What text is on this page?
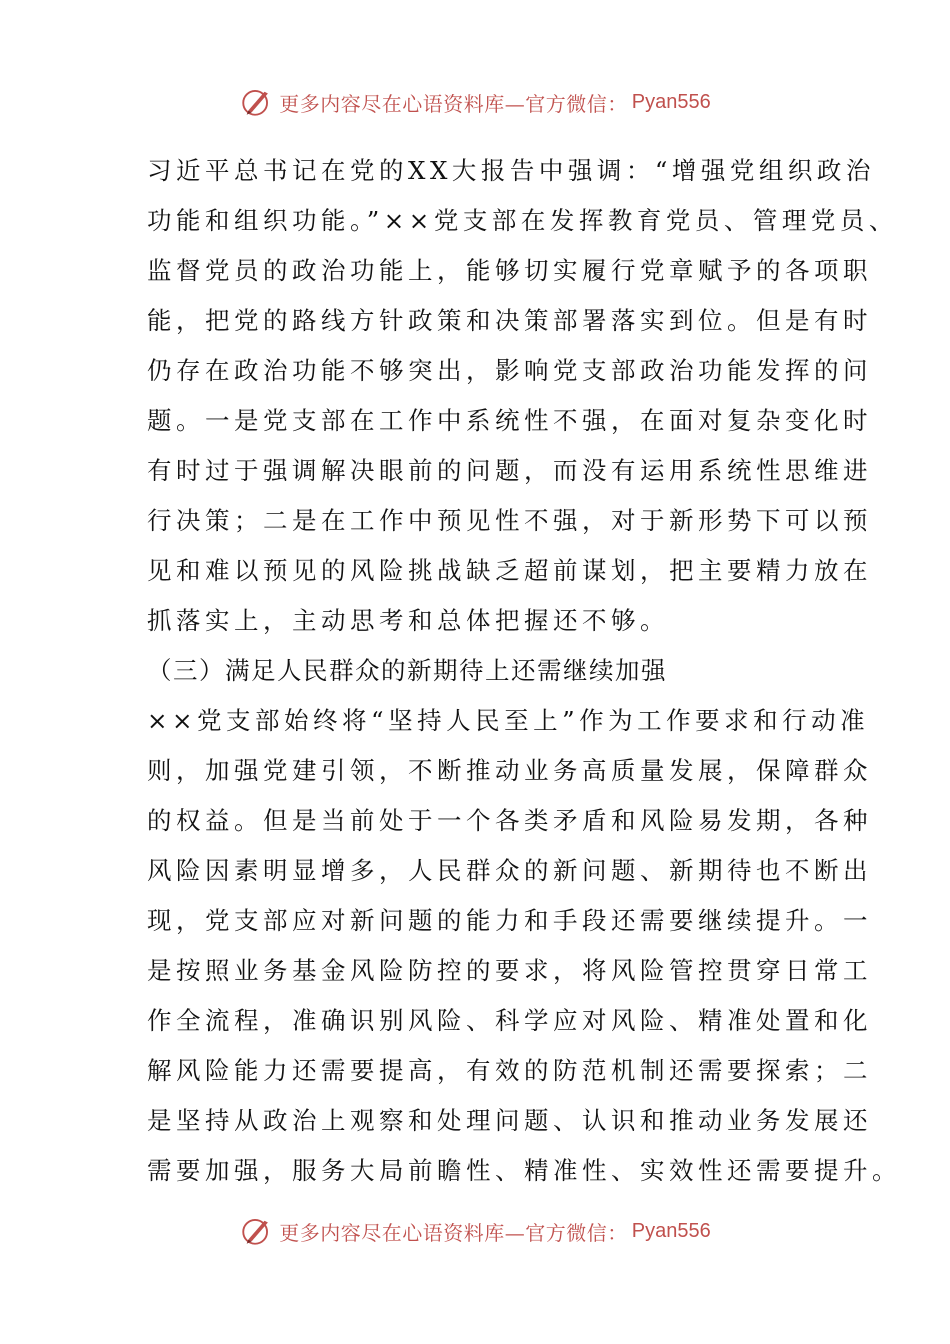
更多内容尽在心语资料库—官方微信： Pyan556
习近平总书记在党的XX大报告中强调：“增强党组织政治
功能和组织功能。”××党支部在发挥教育党员、管理党员、
监督党员的政治功能上，能够切实履行党章赋予的各项职
能，把党的路线方针政策和决策部署落实到位。但是有时
仍存在政治功能不够突出，影响党支部政治功能发挥的问
题。一是党支部在工作中系统性不强，在面对复杂变化时
有时过于强调解决眼前的问题，而没有运用系统性思维进
行决策；二是在工作中预见性不强，对于新形势下可以预
见和难以预见的风险挑战缺乏超前谋划，把主要精力放在
抓落实上，主动思考和总体把握还不够。
（三）满足人民群众的新期待上还需继续加强
××党支部始终将“坚持人民至上”作为工作要求和行动准
则，加强党建引领，不断推动业务高质量发展，保障群众
的权益。但是当前处于一个各类矛盾和风险易发期，各种
风险因素明显增多，人民群众的新问题、新期待也不断出
现，党支部应对新问题的能力和手段还需要继续提升。一
是按照业务基金风险防控的要求，将风险管控贯穿日常工
作全流程，准确识别风险、科学应对风险、精准处置和化
解风险能力还需要提高，有效的防范机制还需要探索；二
是坚持从政治上观察和处理问题、认识和推动业务发展还
需要加强，服务大局前瞻性、精准性、实效性还需要提升。
更多内容尽在心语资料库—官方微信： Pyan556
